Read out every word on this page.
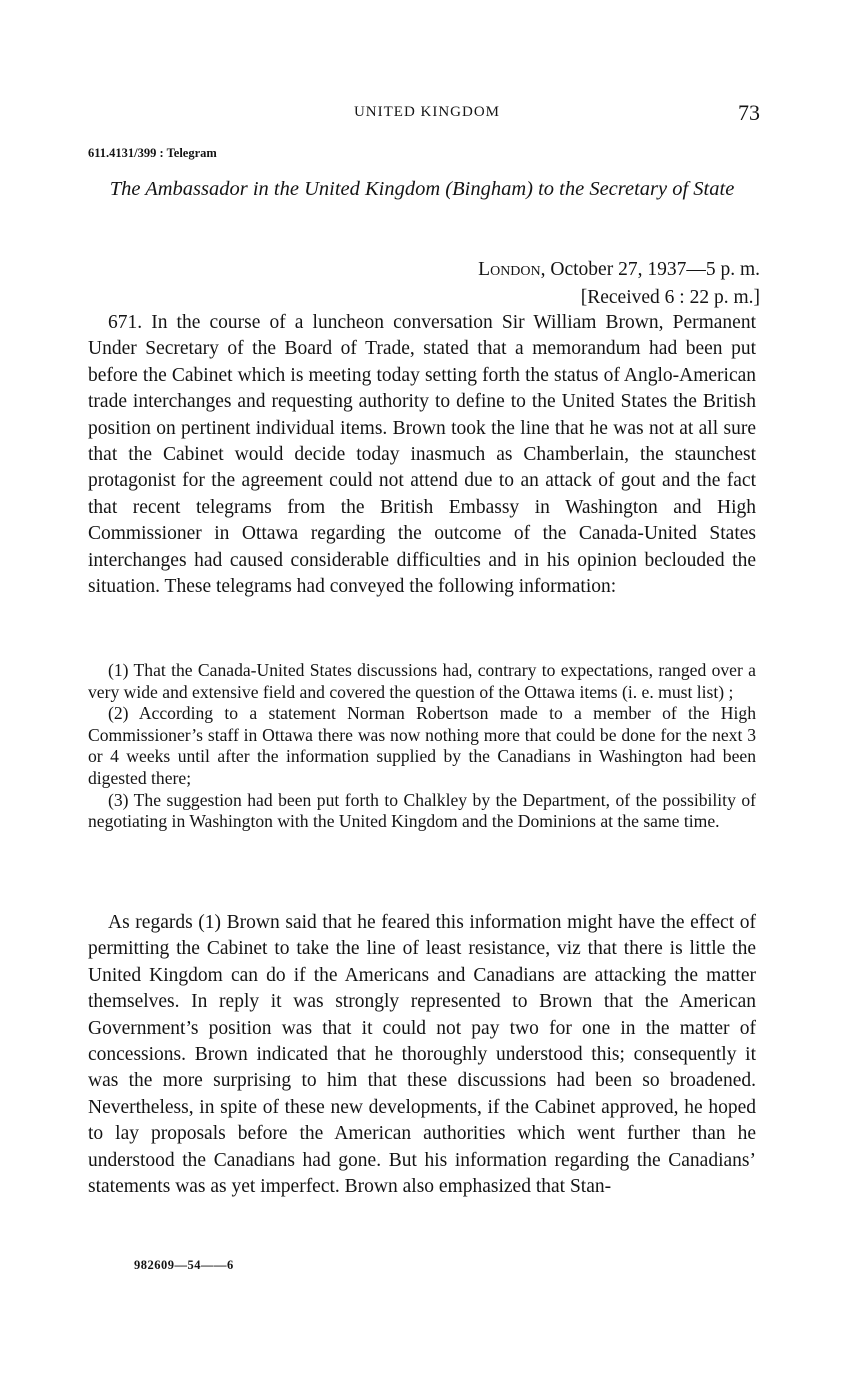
UNITED KINGDOM	73
611.4131/399 : Telegram
The Ambassador in the United Kingdom (Bingham) to the Secretary of State
London, October 27, 1937—5 p. m.
[Received 6 : 22 p. m.]

671. In the course of a luncheon conversation Sir William Brown, Permanent Under Secretary of the Board of Trade, stated that a memorandum had been put before the Cabinet which is meeting today setting forth the status of Anglo-American trade interchanges and requesting authority to define to the United States the British position on pertinent individual items. Brown took the line that he was not at all sure that the Cabinet would decide today inasmuch as Chamberlain, the staunchest protagonist for the agreement could not attend due to an attack of gout and the fact that recent telegrams from the British Embassy in Washington and High Commissioner in Ottawa regarding the outcome of the Canada-United States interchanges had caused considerable difficulties and in his opinion beclouded the situation. These telegrams had conveyed the following information:

(1) That the Canada-United States discussions had, contrary to expectations, ranged over a very wide and extensive field and covered the question of the Ottawa items (i. e. must list) ;

(2) According to a statement Norman Robertson made to a member of the High Commissioner’s staff in Ottawa there was now nothing more that could be done for the next 3 or 4 weeks until after the information supplied by the Canadians in Washington had been digested there;

(3) The suggestion had been put forth to Chalkley by the Department, of the possibility of negotiating in Washington with the United Kingdom and the Dominions at the same time.

As regards (1) Brown said that he feared this information might have the effect of permitting the Cabinet to take the line of least resistance, viz that there is little the United Kingdom can do if the Americans and Canadians are attacking the matter themselves. In reply it was strongly represented to Brown that the American Government’s position was that it could not pay two for one in the matter of concessions. Brown indicated that he thoroughly understood this; consequently it was the more surprising to him that these discussions had been so broadened. Nevertheless, in spite of these new developments, if the Cabinet approved, he hoped to lay proposals before the American authorities which went further than he understood the Canadians had gone. But his information regarding the Canadians’ statements was as yet imperfect. Brown also emphasized that Stan-

982609—54——6
